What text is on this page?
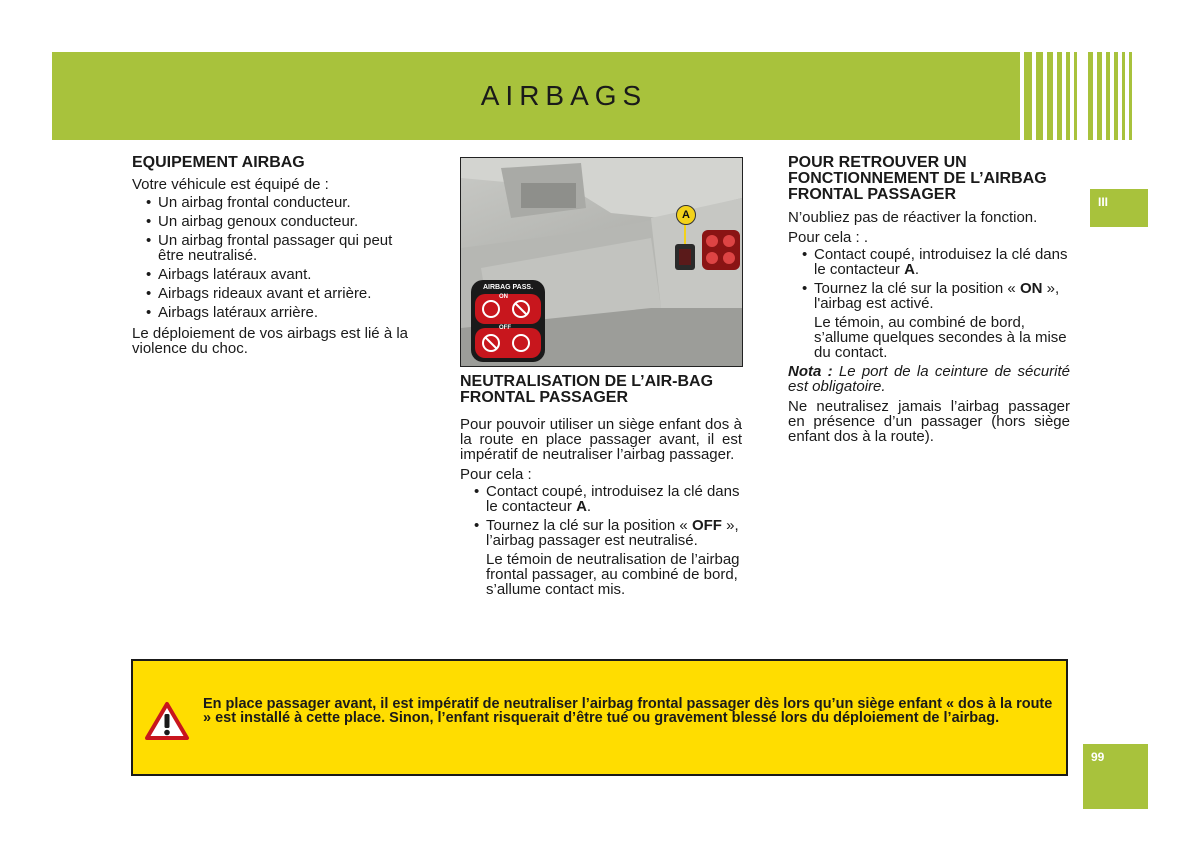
AIRBAGS
III
99
EQUIPEMENT AIRBAG

Votre véhicule est équipé de :

• Un airbag frontal conducteur.
• Un airbag genoux conducteur.
• Un airbag frontal passager qui peut être neutralisé.
• Airbags latéraux avant.
• Airbags rideaux avant et arrière.
• Airbags latéraux arrière.

Le déploiement de vos airbags est lié à la violence du choc.

A
AIRBAG PASS.
ON
OFF
NEUTRALISATION DE L’AIR-BAG FRONTAL PASSAGER

Pour pouvoir utiliser un siège enfant dos à la route en place passager avant, il est impératif de neutraliser l’airbag passager.

Pour cela :

• Contact coupé, introduisez la clé dans le contacteur A.
• Tournez la clé sur la position « OFF », l’airbag passager est neutralisé.
Le témoin de neutralisation de l’airbag frontal passager, au combiné de bord, s’allume contact mis.
POUR RETROUVER UN FONCTIONNEMENT DE L’AIRBAG FRONTAL PASSAGER

N’oubliez pas de réactiver la fonction.

Pour cela : .

• Contact coupé, introduisez la clé dans le contacteur A.
• Tournez la clé sur la position « ON », l'airbag est activé.
Le témoin, au combiné de bord, s’allume quelques secondes à la mise du contact.

Nota : Le port de la ceinture de sécurité est obligatoire.

Ne neutralisez jamais l’airbag passager en présence d’un passager (hors siège enfant dos à la route).

En place passager avant, il est impératif de neutraliser l’airbag frontal passager dès lors qu’un siège enfant « dos à la route » est installé à cette place. Sinon, l’enfant risquerait d’être tué ou gravement blessé lors du déploiement de l’airbag.
